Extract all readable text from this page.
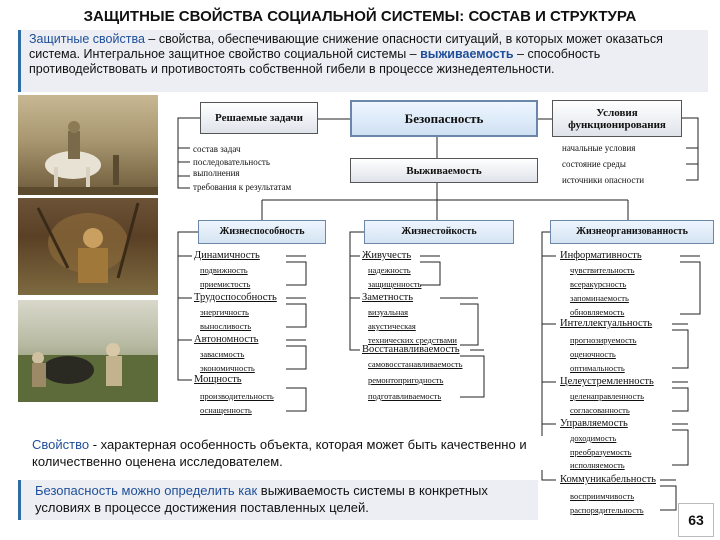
ЗАЩИТНЫЕ СВОЙСТВА СОЦИАЛЬНОЙ СИСТЕМЫ: СОСТАВ И СТРУКТУРА
Защитные свойства – свойства, обеспечивающие снижение опасности ситуаций, в которых может оказаться система. Интегральное защитное свойство социальной системы – выживаемость – способность противодействовать и противостоять собственной гибели в процессе жизнедеятельности.
Решаемые задачи	Безопасность	Условия функционирования
состав задач
последовательность
выполнения
требования к результатам
начальные условия
состояние среды
источники опасности
Выживаемость
Жизнеспособность	Жизнестойкость	Жизнеорганизованность
Динамичность
подвижность
приемистость
Трудоспособность
энергичность
выносливость
Автономность
завасимость
экономичность
Мощность
производительность
оснащенность
Живучесть
надежность
защищенность
Заметность
визуальная
акустическая
технических средствами
Восстанавливаемость
самовосстанавливаемость
ремонтопригодность
подготавливаемость
Информативность
чувствительность
всеракурсность
запоминаемость
обновляемость
Интеллектуальность
прогнозируемость
оценочность
оптимальность
Целеустремленность
целенаправленность
согласованность
Управляемость
доходимость
преобразуемость
исполняемость
Коммуникабельность
восприимчивость
распорядительность
Свойство - характерная особенность объекта, которая может быть качественно и количественно оценена исследователем.
Безопасность можно определить как выживаемость системы в конкретных условиях в процессе достижения поставленных целей.
63
